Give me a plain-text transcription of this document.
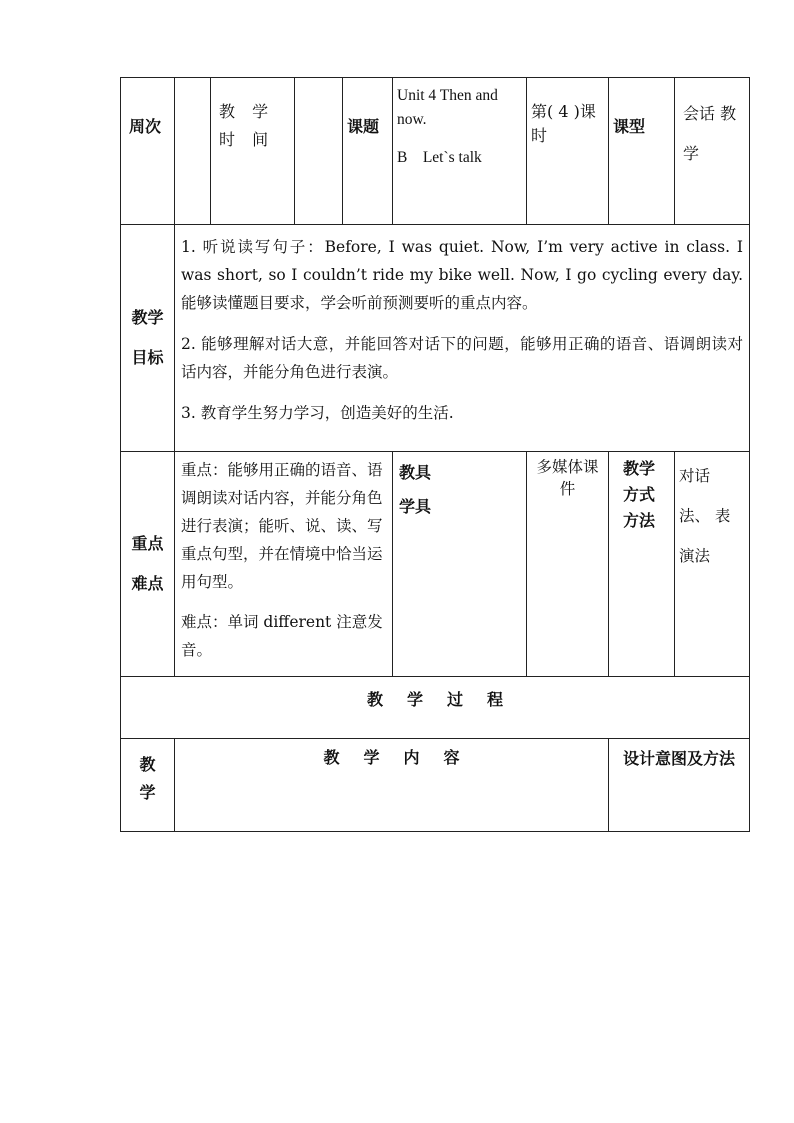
周次		教 学 时 间		课题	Unit 4 Then and now.
B    Let`s talk	第( 4 )课时	课型	会话 教学
教学 目标	1. 听说读写句子：Before, I was quiet. Now, I’m very active in class. I was short, so I couldn’t ride my bike well. Now, I go cycling every day. 能够读懂题目要求，学会听前预测要听的重点内容。

2. 能够理解对话大意，并能回答对话下的问题，能够用正确的语音、语调朗读对话内容，并能分角色进行表演。

3. 教育学生努力学习，创造美好的生活.							

重点 难点	重点：能够用正确的语音、语调朗读对话内容，并能分角色进行表演；能听、说、读、写重点句型，并在情境中恰当运用句型。

难点：单词 different 注意发音。				教具 学具	多媒体课件	教学 方式 方法	对话法、 表演法

教学过程								

教学	教学内容						设计意图及方法	
